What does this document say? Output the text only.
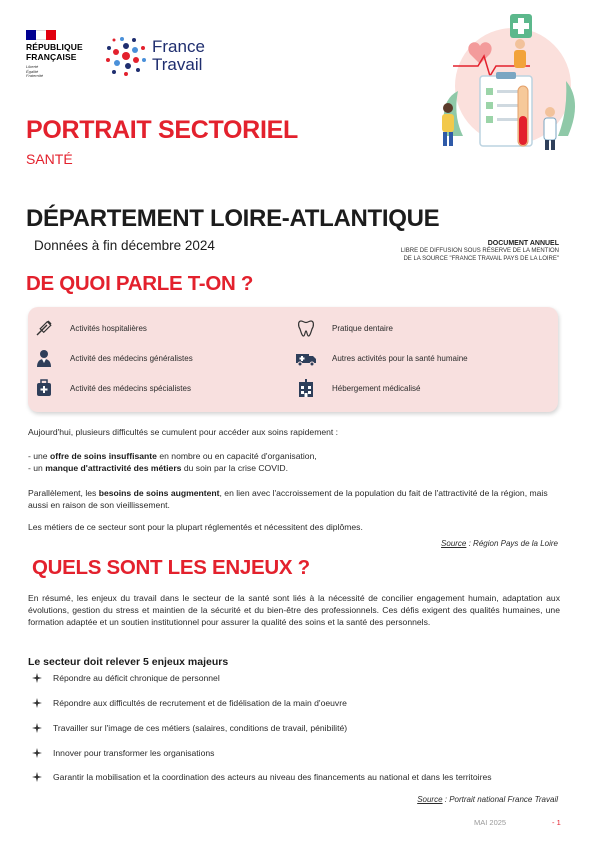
RÉPUBLIQUE
FRANÇAISE
Liberté
Égalité
Fraternité
France
Travail
PORTRAIT SECTORIEL
SANTÉ
DÉPARTEMENT LOIRE-ATLANTIQUE
Données à fin décembre 2024	DOCUMENT ANNUEL
LIBRE DE DIFFUSION SOUS RÉSERVE DE LA MENTION
DE LA SOURCE "FRANCE TRAVAIL PAYS DE LA LOIRE"
DE QUOI PARLE T-ON ?
Activités hospitalières	Pratique dentaire
Activité des médecins généralistes	Autres activités pour la santé humaine
Activité des médecins spécialistes	Hébergement médicalisé
Aujourd'hui, plusieurs difficultés se cumulent pour accéder aux soins rapidement :
- une offre de soins insuffisante en nombre ou en capacité d'organisation,
- un manque d'attractivité des métiers du soin par la crise COVID.
Parallèlement, les besoins de soins augmentent, en lien avec l'accroissement de la population du fait de l'attractivité de la région, mais aussi en raison de son vieillissement.
Les métiers de ce secteur sont pour la plupart réglementés et nécessitent des diplômes.
Source : Région Pays de la Loire
QUELS SONT LES ENJEUX ?
En résumé, les enjeux du travail dans le secteur de la santé sont liés à la nécessité de concilier engagement humain, adaptation aux évolutions, gestion du stress et maintien de la sécurité et du bien-être des professionnels. Ces défis exigent des qualités humaines, une formation adaptée et un soutien institutionnel pour assurer la qualité des soins et la santé des personnels.
Le secteur doit relever 5 enjeux majeurs
Répondre au déficit chronique de personnel
Répondre aux difficultés de recrutement et de fidélisation de la main d'oeuvre
Travailler sur l'image de ces métiers (salaires, conditions de travail, pénibilité)
Innover pour transformer les organisations
Garantir la mobilisation et la coordination des acteurs au niveau des financements au national et dans les territoires
Source : Portrait national France Travail
MAI 2025	- 1
